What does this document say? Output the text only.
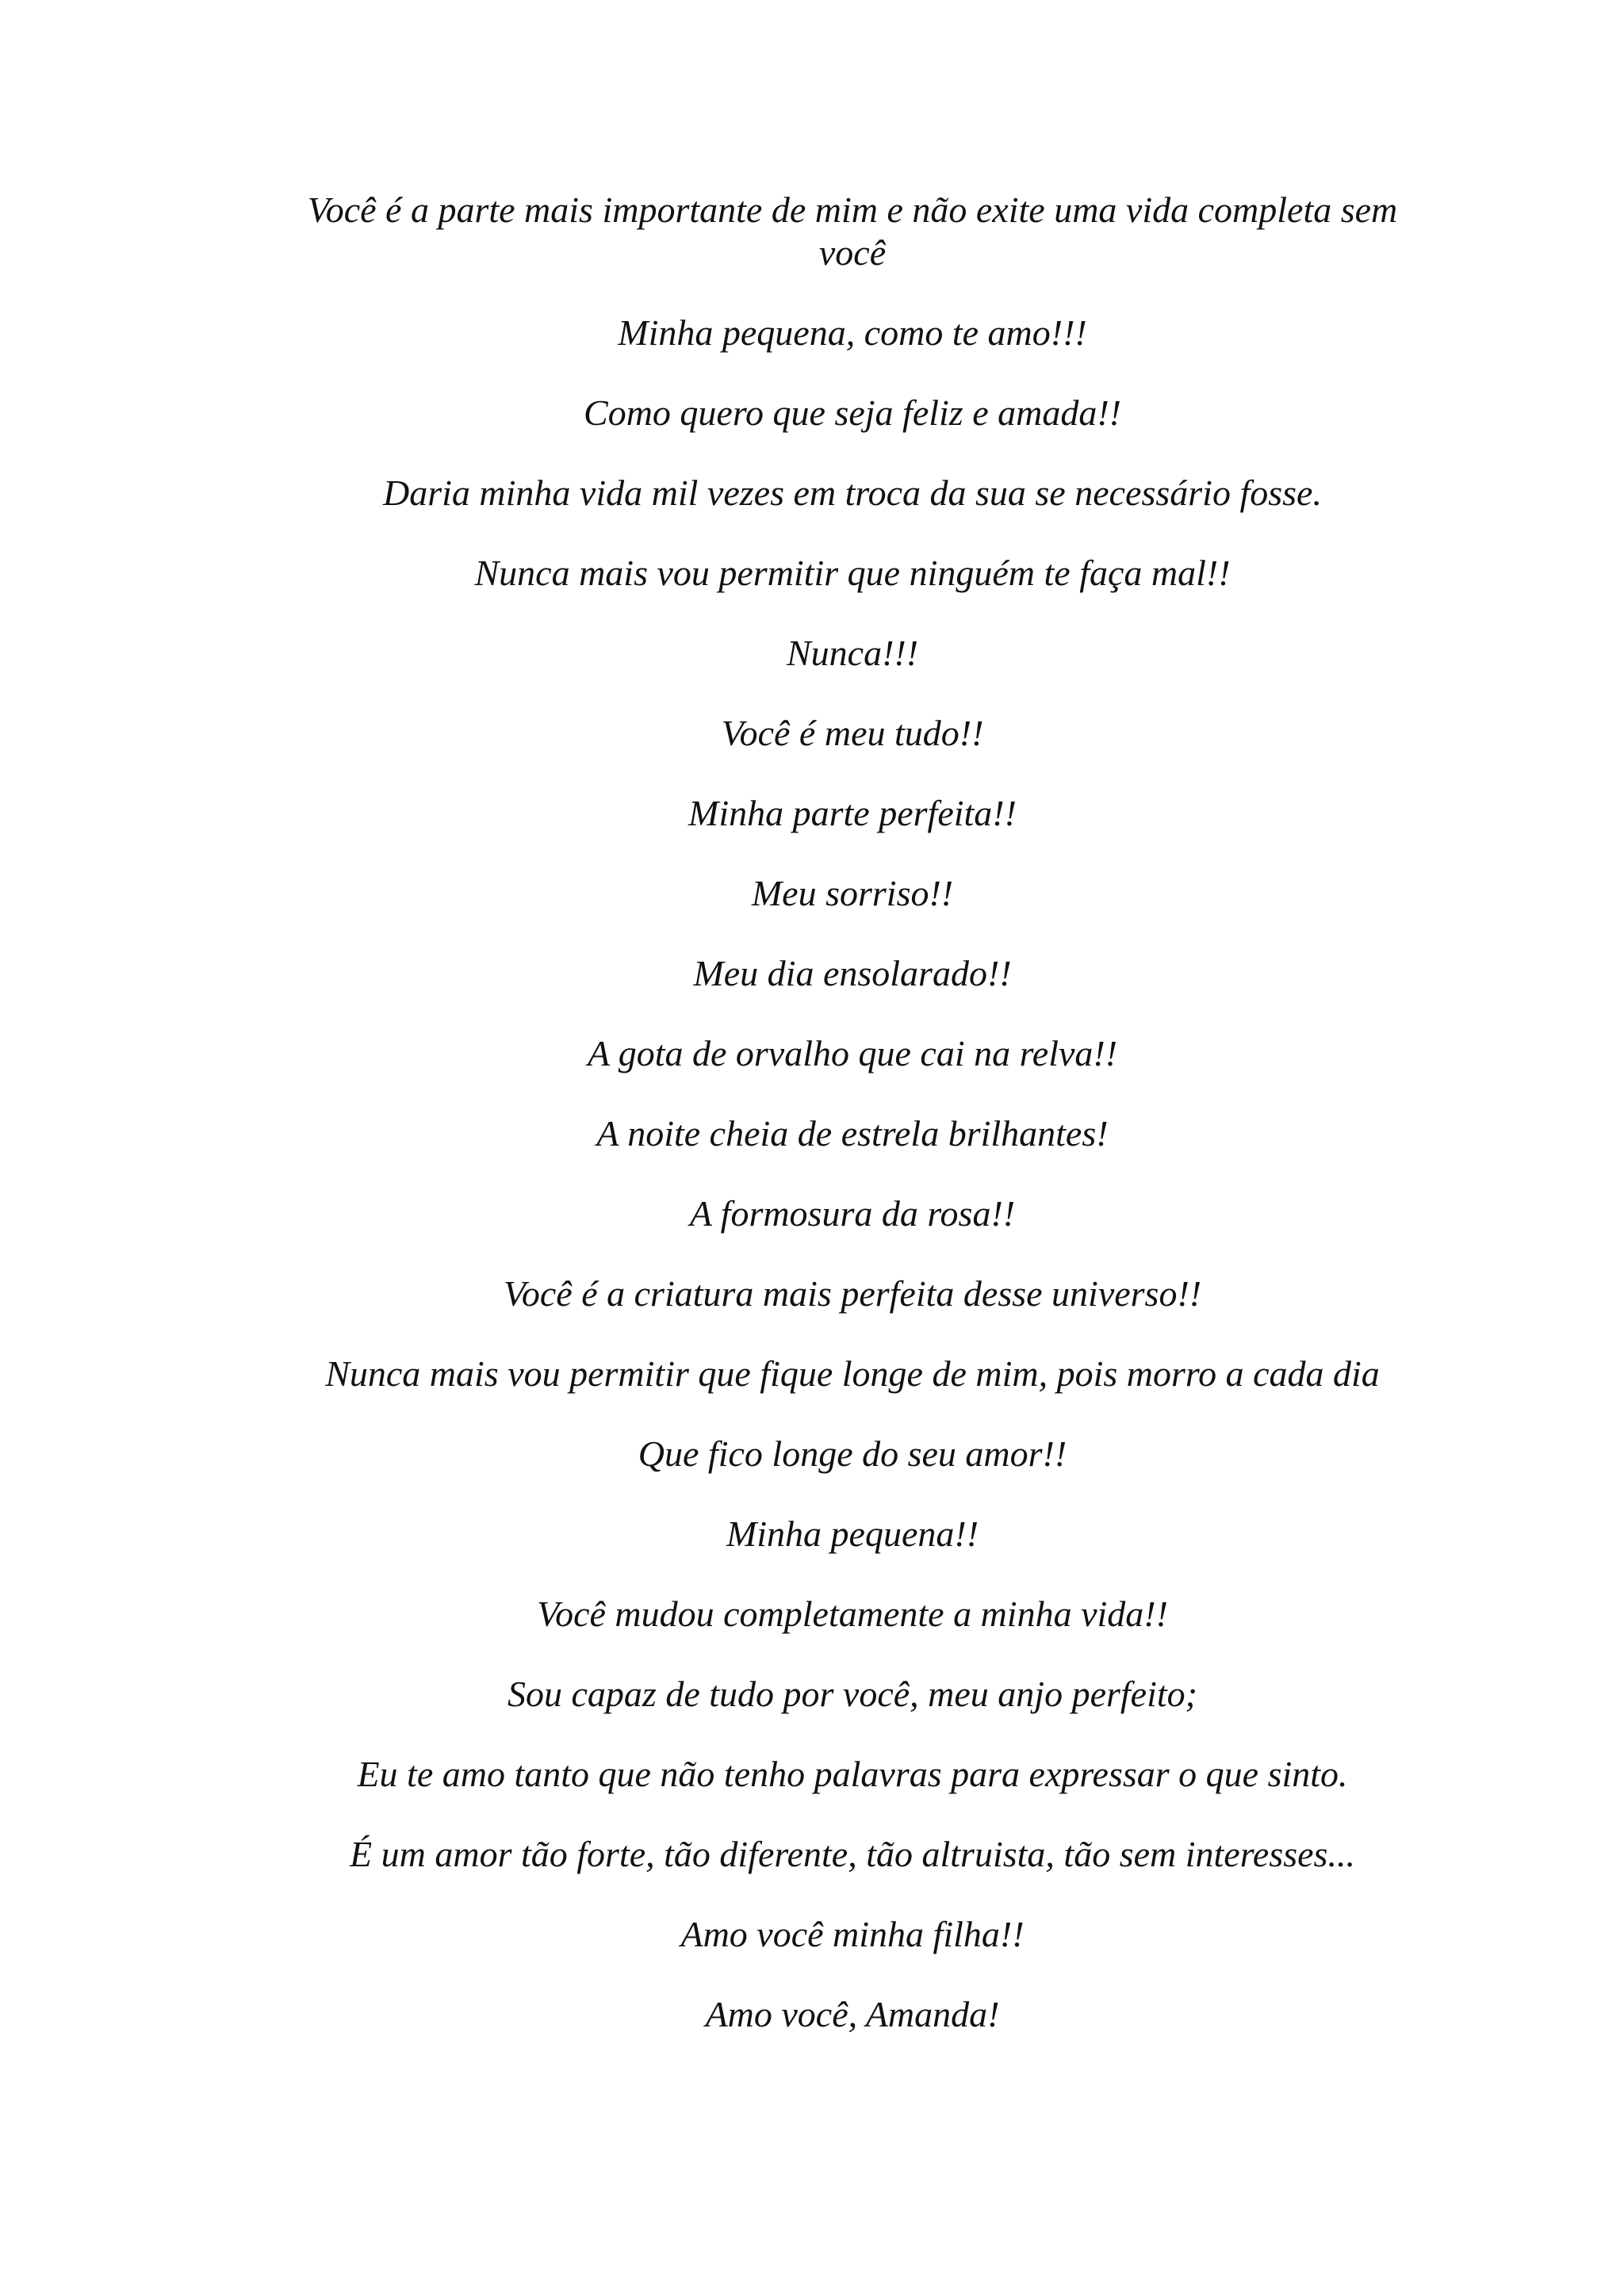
Você é a parte mais importante de mim e não exite uma vida completa sem você

Minha pequena, como te amo!!!

Como quero que seja feliz e amada!!

Daria minha vida mil vezes em troca da sua se necessário fosse.

Nunca mais vou permitir que ninguém te faça mal!!

Nunca!!!

Você é meu tudo!!

Minha parte perfeita!!

Meu sorriso!!

Meu dia ensolarado!!

A gota de orvalho que cai na relva!!

A noite cheia de estrela brilhantes!

A formosura da rosa!!

Você é a criatura mais perfeita desse universo!!

Nunca mais vou permitir que fique longe de mim, pois morro a cada dia

Que fico longe do seu amor!!

Minha pequena!!

Você mudou completamente a minha vida!!

Sou capaz de tudo por você, meu anjo perfeito;

Eu te amo tanto que não tenho palavras para expressar o que sinto.

É um amor tão forte, tão diferente, tão altruista, tão sem interesses...

Amo você minha filha!!

Amo você, Amanda!
